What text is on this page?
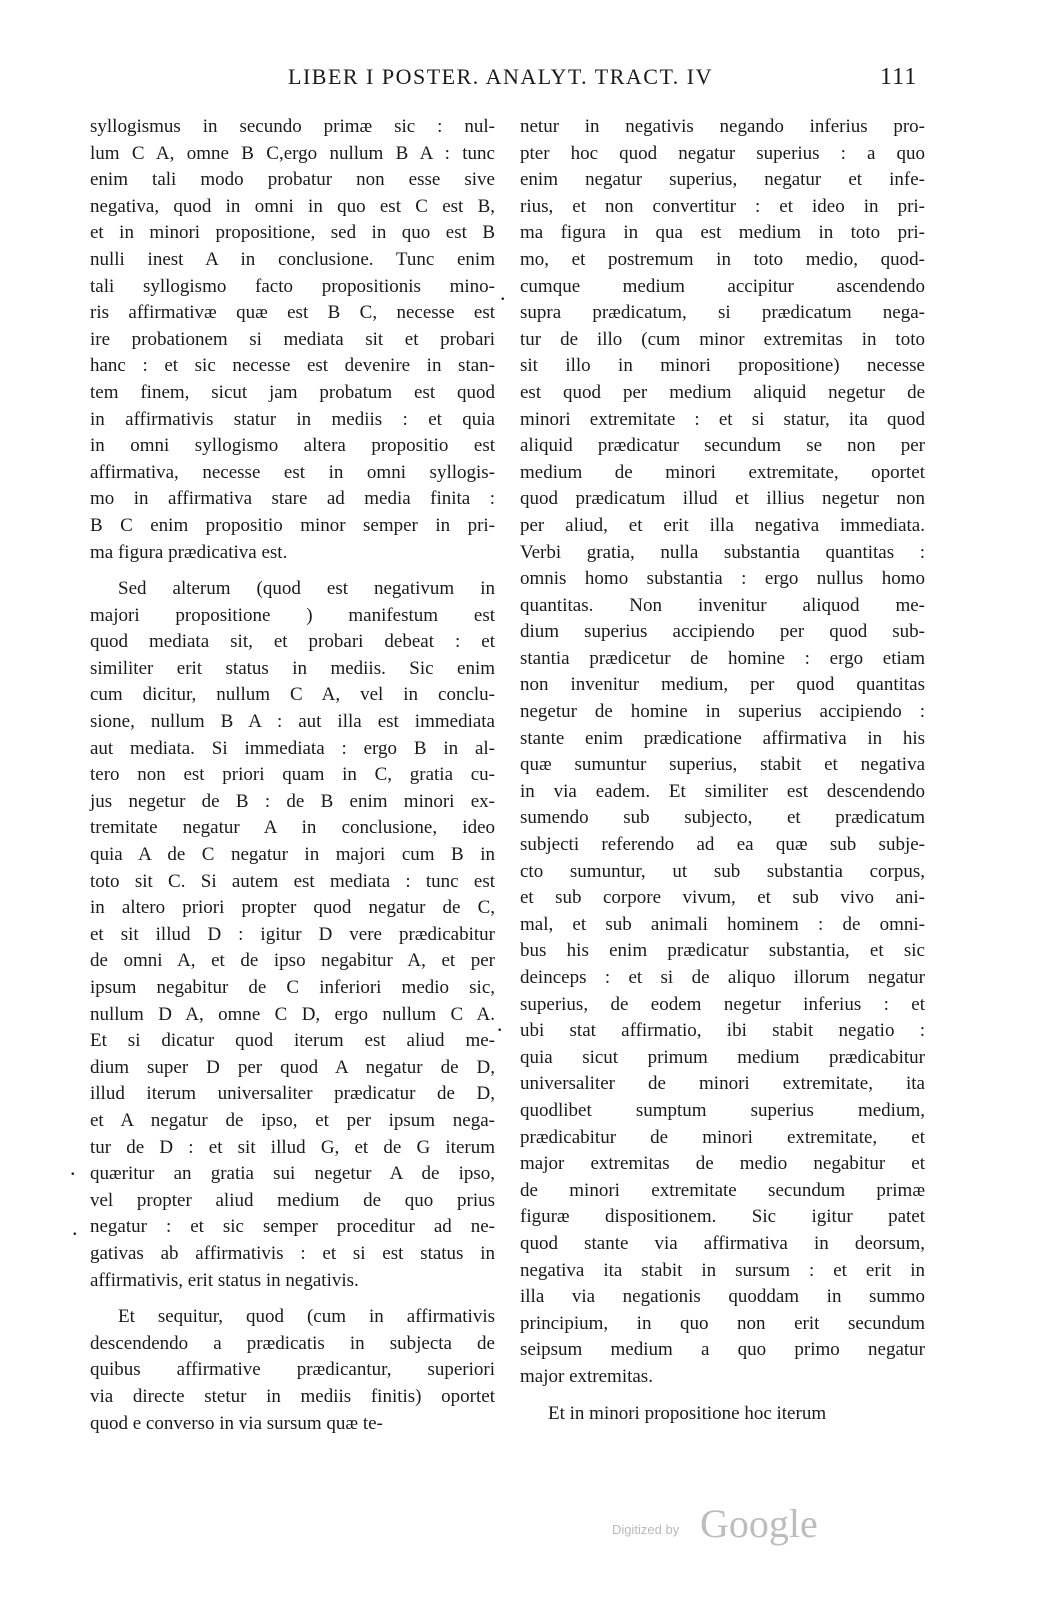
LIBER I POSTER. ANALYT. TRACT. IV	111
syllogismus in secundo primæ sic : nul-
lum C A, omne B C,ergo nullum B A : tunc
enim tali modo probatur non esse sive
negativa, quod in omni in quo est C est B,
et in minori propositione, sed in quo est B
nulli inest A in conclusione. Tunc enim
tali syllogismo facto propositionis mino-
ris affirmativæ quæ est B C, necesse est
ire probationem si mediata sit et probari
hanc : et sic necesse est devenire in stan-
tem finem, sicut jam probatum est quod
in affirmativis statur in mediis : et quia
in omni syllogismo altera propositio est
affirmativa, necesse est in omni syllogis-
mo in affirmativa stare ad media finita :
B C enim propositio minor semper in pri-
ma figura prædicativa est.
Sed alterum (quod est negativum in
majori propositione ) manifestum est
quod mediata sit, et probari debeat : et
similiter erit status in mediis. Sic enim
cum dicitur, nullum C A, vel in conclu-
sione, nullum B A : aut illa est immediata
aut mediata. Si immediata : ergo B in al-
tero non est priori quam in C, gratia cu-
jus negetur de B : de B enim minori ex-
tremitate negatur A in conclusione, ideo
quia A de C negatur in majori cum B in
toto sit C. Si autem est mediata : tunc est
in altero priori propter quod negatur de C,
et sit illud D : igitur D vere prædicabitur
de omni A, et de ipso negabitur A, et per
ipsum negabitur de C inferiori medio sic,
nullum D A, omne C D, ergo nullum C A.
Et si dicatur quod iterum est aliud me-
dium super D per quod A negatur de D,
illud iterum universaliter prædicatur de D,
et A negatur de ipso, et per ipsum nega-
tur de D : et sit illud G, et de G iterum
quæritur an gratia sui negetur A de ipso,
vel propter aliud medium de quo prius
negatur : et sic semper proceditur ad ne-
gativas ab affirmativis : et si est status in
affirmativis, erit status in negativis.
Et sequitur, quod (cum in affirmativis
descendendo a prædicatis in subjecta de
quibus affirmative prædicantur, superiori
via directe stetur in mediis finitis) oportet
quod e converso in via sursum quæ te-
netur in negativis negando inferius pro-
pter hoc quod negatur superius : a quo
enim negatur superius, negatur et infe-
rius, et non convertitur : et ideo in pri-
ma figura in qua est medium in toto pri-
mo, et postremum in toto medio, quod-
cumque medium accipitur ascendendo
supra prædicatum, si prædicatum nega-
tur de illo (cum minor extremitas in toto
sit illo in minori propositione) necesse
est quod per medium aliquid negetur de
minori extremitate : et si statur, ita quod
aliquid prædicatur secundum se non per
medium de minori extremitate, oportet
quod prædicatum illud et illius negetur non
per aliud, et erit illa negativa immediata.
Verbi gratia, nulla substantia quantitas :
omnis homo substantia : ergo nullus homo
quantitas. Non invenitur aliquod me-
dium superius accipiendo per quod sub-
stantia prædicetur de homine : ergo etiam
non invenitur medium, per quod quantitas
negetur de homine in superius accipiendo :
stante enim prædicatione affirmativa in his
quæ sumuntur superius, stabit et negativa
in via eadem. Et similiter est descendendo
sumendo sub subjecto, et prædicatum
subjecti referendo ad ea quæ sub subje-
cto sumuntur, ut sub substantia corpus,
et sub corpore vivum, et sub vivo ani-
mal, et sub animali hominem : de omni-
bus his enim prædicatur substantia, et sic
deinceps : et si de aliquo illorum negatur
superius, de eodem negetur inferius : et
ubi stat affirmatio, ibi stabit negatio :
quia sicut primum medium prædicabitur
universaliter de minori extremitate, ita
quodlibet sumptum superius medium,
prædicabitur de minori extremitate, et
major extremitas de medio negabitur et
de minori extremitate secundum primæ
figuræ dispositionem. Sic igitur patet
quod stante via affirmativa in deorsum,
negativa ita stabit in sursum : et erit in
illa via negationis quoddam in summo
principium, in quo non erit secundum
seipsum medium a quo primo negatur
major extremitas.
Et in minori propositione hoc iterum
.
.
.
.
Digitized by Google
